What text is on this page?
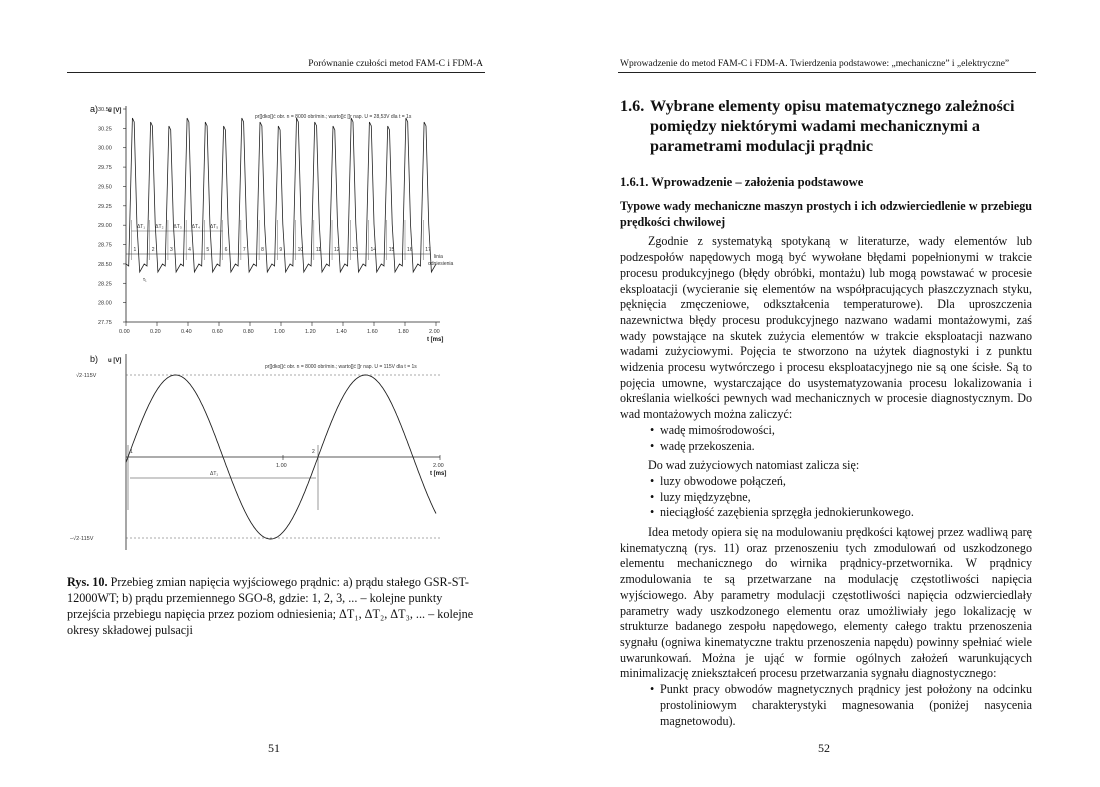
Porównanie czułości metod FAM-C i FDM-A
a) u [V]
pr[]dko[]ć obr. n = 8000 obr/min.; warto[]ć []r nap. U = 28,53V dla t = 1s
30.50
30.25
30.00
29.75
29.50
29.25
29.00
28.75
28.50
28.25
28.00
27.75
0.00	0.20	0.40	0.60	0.80	1.00	1.20	1.40	1.60	1.80	2.00
t [ms]
linia
odniesienia
1	2	3	4	5	6	7	8	9	10	11	12	13	14	15	16	17
ΔT₁ ΔT₂ ΔT₃ ΔT₄ ΔT₅
τ₁
b) u [V]
pr[]dko[]ć obr. n = 8000 obr/min.; warto[]ć []r nap. U = 115V dla t = 1s
√2·115V
–√2·115V
1.00	2.00
t [ms]
1	2
ΔT₁
Rys. 10. Przebieg zmian napięcia wyjściowego prądnic: a) prądu stałego GSR-ST-12000WT; b) prądu przemiennego SGO-8, gdzie: 1, 2, 3, ... – kolejne punkty przejścia przebiegu napięcia przez poziom odniesienia; ΔT₁, ΔT₂, ΔT₃, ... – kolejne okresy składowej pulsacji
51
Wprowadzenie do metod FAM-C i FDM-A. Twierdzenia podstawowe: „mechaniczne” i „elektryczne”
1.6. Wybrane elementy opisu matematycznego zależności pomiędzy niektórymi wadami mechanicznymi a parametrami modulacji prądnic
1.6.1. Wprowadzenie – założenia podstawowe

Typowe wady mechaniczne maszyn prostych i ich odzwierciedlenie w przebiegu prędkości chwilowej

Zgodnie z systematyką spotykaną w literaturze, wady elementów lub podzespołów napędowych mogą być wywołane błędami popełnionymi w trakcie procesu produkcyjnego (błędy obróbki, montażu) lub mogą powstawać w procesie eksploatacji (wycieranie się elementów na współpracujących płaszczyznach styku, pęknięcia zmęczeniowe, odkształcenia temperaturowe). Dla uproszczenia nazewnictwa błędy procesu produkcyjnego nazwano wadami montażowymi, zaś wady powstające na skutek zużycia elementów w trakcie eksploatacji nazwano wadami zużyciowymi. Pojęcia te stworzono na użytek diagnostyki i z punktu widzenia procesu wytwórczego i procesu eksploatacyjnego nie są one ścisłe. Są to pojęcia umowne, wystarczające do usystematyzowania procesu lokalizowania i określania wielkości pewnych wad mechanicznych w procesie diagnostycznym. Do wad montażowych można zaliczyć:

• wadę mimośrodowości,
• wadę przekoszenia.

Do wad zużyciowych natomiast zalicza się:

• luzy obwodowe połączeń,
• luzy międzyzębne,
• nieciągłość zazębienia sprzęgła jednokierunkowego.

Idea metody opiera się na modulowaniu prędkości kątowej przez wadliwą parę kinematyczną (rys. 11) oraz przenoszeniu tych zmodulowań od uszkodzonego elementu mechanicznego do wirnika prądnicy-przetwornika. W prądnicy zmodulowania te są przetwarzane na modulację częstotliwości napięcia wyjściowego. Aby parametry modulacji częstotliwości napięcia odzwierciedlały parametry wady uszkodzonego elementu oraz umożliwiały jego lokalizację w strukturze badanego zespołu napędowego, elementy całego traktu przenoszenia sygnału (ogniwa kinematyczne traktu przenoszenia napędu) powinny spełniać wiele uwarunkowań. Można je ująć w formie ogólnych założeń warunkujących minimalizację zniekształceń procesu przetwarzania sygnału diagnostycznego:

• Punkt pracy obwodów magnetycznych prądnicy jest położony na odcinku prostoliniowym charakterystyki magnesowania (poniżej nasycenia magnetowodu).
52
